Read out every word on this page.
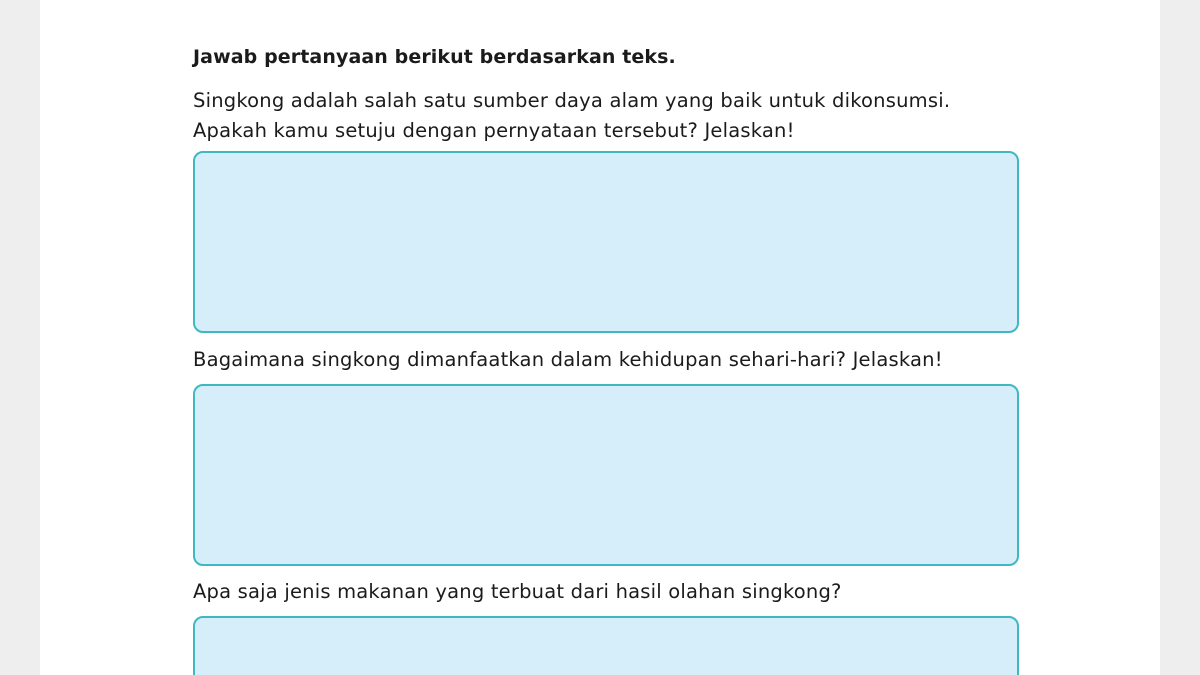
Jawab pertanyaan berikut berdasarkan teks.

Singkong adalah salah satu sumber daya alam yang baik untuk dikonsumsi.
Apakah kamu setuju dengan pernyataan tersebut? Jelaskan!
Bagaimana singkong dimanfaatkan dalam kehidupan sehari-hari? Jelaskan!
Apa saja jenis makanan yang terbuat dari hasil olahan singkong?
